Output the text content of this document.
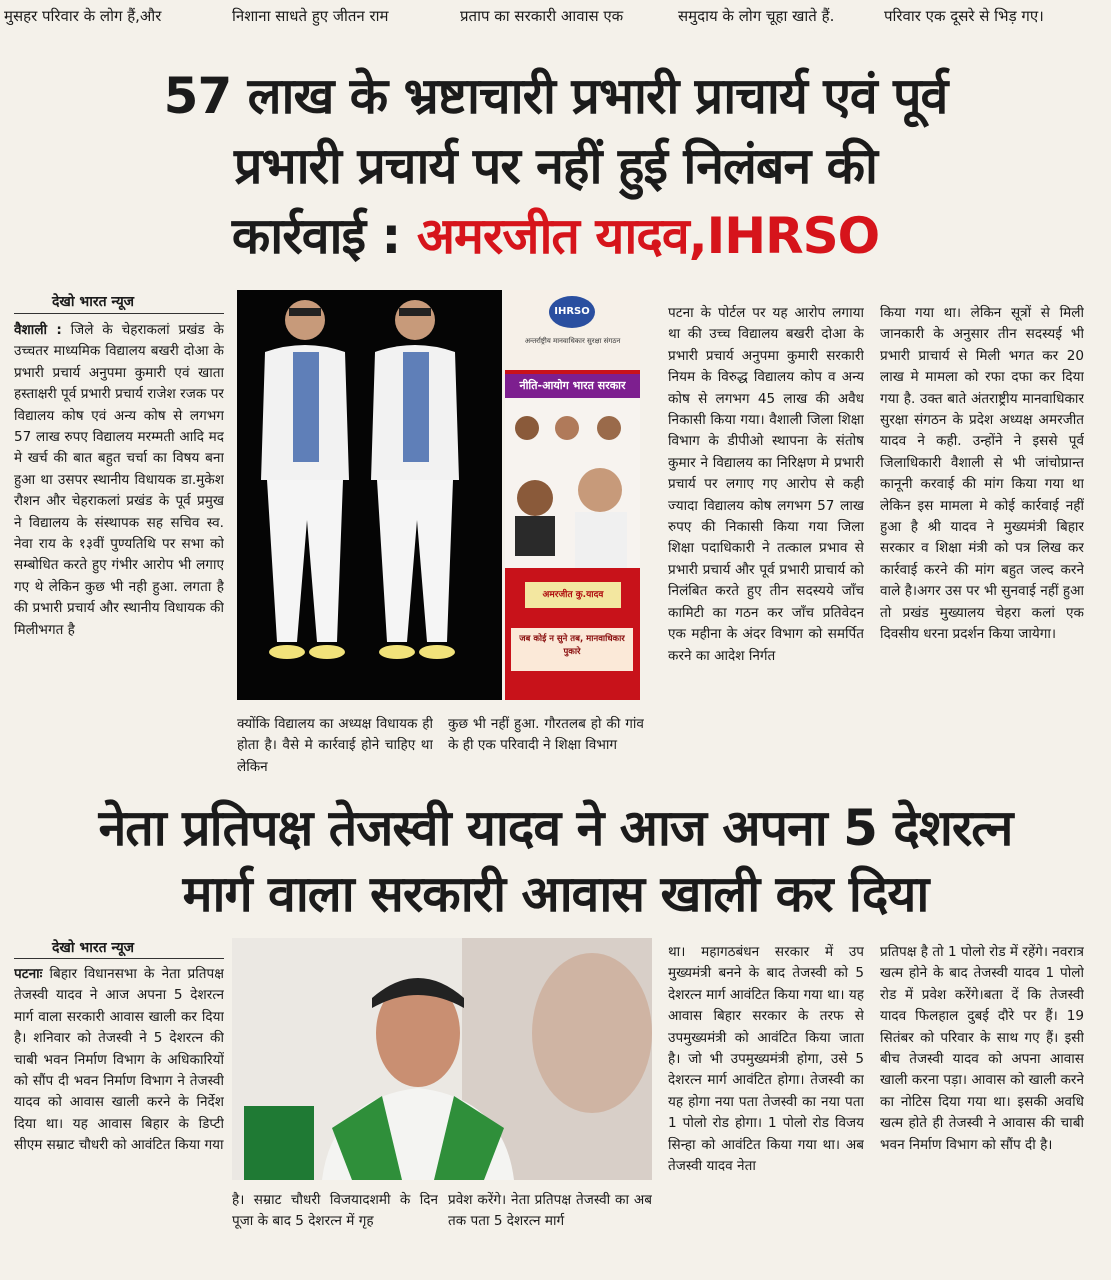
मुसहर परिवार के लोग हैं,और	निशाना साधते हुए जीतन राम	प्रताप का सरकारी आवास एक	समुदाय के लोग चूहा खाते हैं.	परिवार एक दूसरे से भिड़ गए।
57 लाख के भ्रष्टाचारी प्रभारी प्राचार्य एवं पूर्व
प्रभारी प्रचार्य पर नहीं हुई निलंबन की
कार्रवाई : अमरजीत यादव,IHRSO
देखो भारत न्यूज

वैशाली : जिले के चेहराकलां प्रखंड के उच्चतर माध्यमिक विद्यालय बखरी दोआ के प्रभारी प्रचार्य अनुपमा कुमारी एवं खाता हस्ताक्षरी पूर्व प्रभारी प्रचार्य राजेश रजक पर विद्यालय कोष एवं अन्य कोष से लगभग 57 लाख रुपए विद्यालय मरम्मती आदि मद मे खर्च की बात बहुत चर्चा का विषय बना हुआ था उसपर स्थानीय विधायक डा.मुकेश रौशन और चेहराकलां प्रखंड के पूर्व प्रमुख ने विद्यालय के संस्थापक सह सचिव स्व. नेवा राय के १३वीं पुण्यतिथि पर सभा को सम्बोधित करते हुए गंभीर आरोप भी लगाए गए थे लेकिन कुछ भी नही हुआ. लगता है की प्रभारी प्रचार्य और स्थानीय विधायक की मिलीभगत है

IHRSO
अन्तर्राष्ट्रीय मानवाधिकार सुरक्षा संगठन
नीति-आयोग भारत सरकार
अमरजीत कु.यादव
जब कोई न सुने तब, मानवाधिकार पुकारे

क्योंकि विद्यालय का अध्यक्ष विधायक ही होता है। वैसे मे कार्रवाई होने चाहिए था लेकिन

कुछ भी नहीं हुआ. गौरतलब हो की गांव के ही एक परिवादी ने शिक्षा विभाग

पटना के पोर्टल पर यह आरोप लगाया था की उच्च विद्यालय बखरी दोआ के प्रभारी प्रचार्य अनुपमा कुमारी सरकारी नियम के विरुद्ध विद्यालय कोप व अन्य कोष से लगभग 45 लाख की अवैध निकासी किया गया। वैशाली जिला शिक्षा विभाग के डीपीओ स्थापना के संतोष कुमार ने विद्यालय का निरिक्षण मे प्रभारी प्रचार्य पर लगाए गए आरोप से कही ज्यादा विद्यालय कोष लगभग 57 लाख रुपए की निकासी किया गया जिला शिक्षा पदाधिकारी ने तत्काल प्रभाव से प्रभारी प्रचार्य और पूर्व प्रभारी प्राचार्य को निलंबित करते हुए तीन सदस्यये जाँच कामिटी का गठन कर जाँच प्रतिवेदन एक महीना के अंदर विभाग को समर्पित करने का आदेश निर्गत

किया गया था। लेकिन सूत्रों से मिली जानकारी के अनुसार तीन सदस्यई भी प्रभारी प्राचार्य से मिली भगत कर 20 लाख मे मामला को रफा दफा कर दिया गया है. उक्त बाते अंतराष्ट्रीय मानवाधिकार सुरक्षा संगठन के प्रदेश अध्यक्ष अमरजीत यादव ने कही. उन्होंने ने इससे पूर्व जिलाधिकारी वैशाली से भी जांचोप्रान्त कानूनी करवाई की मांग किया गया था लेकिन इस मामला मे कोई कार्रवाई नहीं हुआ है श्री यादव ने मुख्यमंत्री बिहार सरकार व शिक्षा मंत्री को पत्र लिख कर कार्रवाई करने की मांग बहुत जल्द करने वाले है।अगर उस पर भी सुनवाई नहीं हुआ तो प्रखंड मुख्यालय चेहरा कलां एक दिवसीय धरना प्रदर्शन किया जायेगा।

नेता प्रतिपक्ष तेजस्वी यादव ने आज अपना 5 देशरत्न
मार्ग वाला सरकारी आवास खाली कर दिया
देखो भारत न्यूज

पटनाः बिहार विधानसभा के नेता प्रतिपक्ष तेजस्वी यादव ने आज अपना 5 देशरत्न मार्ग वाला सरकारी आवास खाली कर दिया है। शनिवार को तेजस्वी ने 5 देशरत्न की चाबी भवन निर्माण विभाग के अधिकारियों को सौंप दी भवन निर्माण विभाग ने तेजस्वी यादव को आवास खाली करने के निर्देश दिया था। यह आवास बिहार के डिप्टी सीएम सम्राट चौधरी को आवंटित किया गया

है। सम्राट चौधरी विजयादशमी के दिन पूजा के बाद 5 देशरत्न में गृह

प्रवेश करेंगे। नेता प्रतिपक्ष तेजस्वी का अब तक पता 5 देशरत्न मार्ग

था। महागठबंधन सरकार में उप मुख्यमंत्री बनने के बाद तेजस्वी को 5 देशरत्न मार्ग आवंटित किया गया था। यह आवास बिहार सरकार के तरफ से उपमुख्यमंत्री को आवंटित किया जाता है। जो भी उपमुख्यमंत्री होगा, उसे 5 देशरत्न मार्ग आवंटित होगा। तेजस्वी का यह होगा नया पता तेजस्वी का नया पता 1 पोलो रोड होगा। 1 पोलो रोड विजय सिन्हा को आवंटित किया गया था। अब तेजस्वी यादव नेता

प्रतिपक्ष है तो 1 पोलो रोड में रहेंगे। नवरात्र खत्म होने के बाद तेजस्वी यादव 1 पोलो रोड में प्रवेश करेंगे।बता दें कि तेजस्वी यादव फिलहाल दुबई दौरे पर हैं। 19 सितंबर को परिवार के साथ गए हैं। इसी बीच तेजस्वी यादव को अपना आवास खाली करना पड़ा। आवास को खाली करने का नोटिस दिया गया था। इसकी अवधि खत्म होते ही तेजस्वी ने आवास की चाबी भवन निर्माण विभाग को सौंप दी है।
